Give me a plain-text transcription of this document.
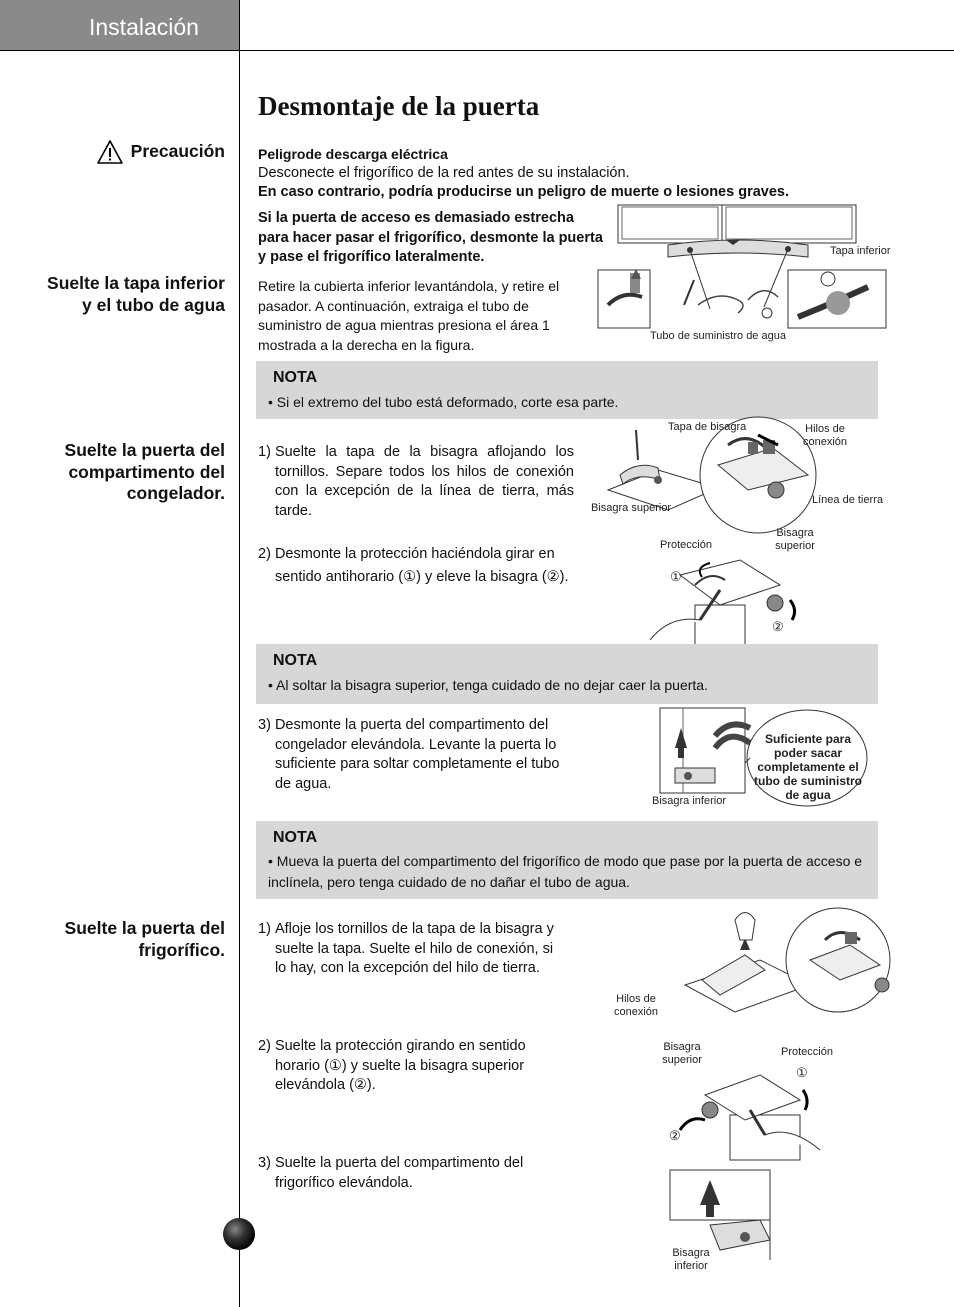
Instalación
Desmontaje de la puerta
Precaución
Suelte la tapa inferior y el tubo de agua
Suelte la puerta del compartimento del congelador.
Suelte la puerta del frigorífico.
Peligrode descarga eléctrica
Desconecte el frigorífico de la red antes de su instalación.
En caso contrario, podría producirse un peligro de muerte o lesiones graves.
Si la puerta de acceso es demasiado estrecha para hacer pasar el frigorífico, desmonte la puerta y pase el frigorífico lateralmente.
Retire la cubierta inferior levantándola, y retire el pasador. A continuación, extraiga el tubo de suministro de agua mientras presiona el área 1 mostrada a la derecha en la figura.
Tapa inferior
Tubo de suministro de agua
NOTA
• Si el extremo del tubo está deformado, corte esa parte.
1)
Suelte la tapa de la bisagra aflojando los tornillos. Separe todos los hilos de conexión con la excepción de la línea de tierra, más tarde.
2)
Desmonte la protección haciéndola girar en sentido antihorario (①) y eleve la bisagra (②).
Tapa de bisagra	Hilos de conexión
Línea de tierra
Bisagra superior
Protección
Bisagra superior
①
②
NOTA
• Al soltar la bisagra superior, tenga cuidado de no dejar caer la puerta.
3)
Desmonte la puerta del compartimento del congelador elevándola. Levante la puerta lo suficiente para soltar completamente el tubo de agua.
Suficiente para poder sacar completamente el tubo de suministro de agua
Bisagra inferior
NOTA
• Mueva la puerta del compartimento del frigorífico de modo que pase por la puerta de acceso e inclínela, pero tenga cuidado de no dañar el tubo de agua.
1)
Afloje los tornillos de la tapa de la bisagra y suelte la tapa. Suelte el hilo de conexión, si lo hay, con la excepción del hilo de tierra.
2)
Suelte la protección girando en sentido horario (①) y suelte la bisagra superior elevándola (②).
3)
Suelte la puerta del compartimento del frigorífico elevándola.
Hilos de conexión
Bisagra superior
Protección
①
②
Bisagra inferior
